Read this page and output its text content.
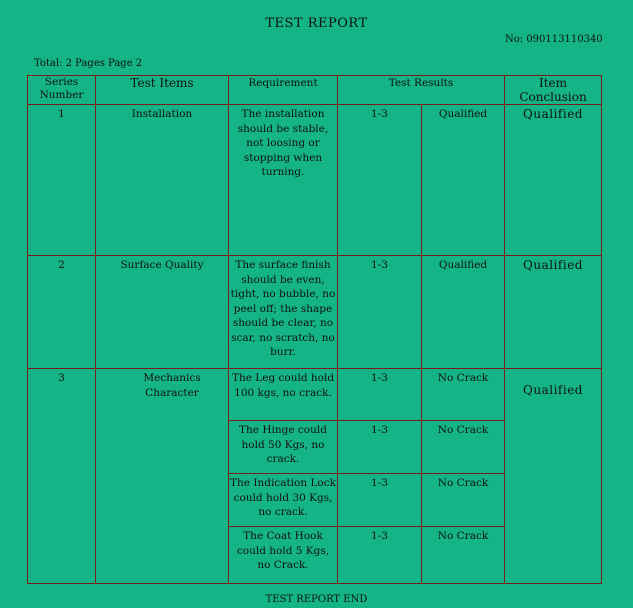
TEST REPORT
No: 090113110340
Total: 2 Pages Page 2
Series Number	Test Items	Requirement	Test Results		Item Conclusion
1	Installation	The installation should be stable, not loosing or stopping when turning.	1-3	Qualified	Qualified
2	Surface Quality	The surface finish should be even, tight, no bubble, no peel off; the shape should be clear, no scar, no scratch, no burr.	1-3	Qualified	Qualified
3	Mechanics Character	The Leg could hold 100 kgs, no crack.	1-3	No Crack	Qualified

		The Hinge could hold 50 Kgs, no crack.	1-3	No Crack	

		The Indication Lock could hold 30 Kgs, no crack.	1-3	No Crack	

		The Coat Hook could hold 5 Kgs, no Crack.	1-3	No Crack	
TEST REPORT END
